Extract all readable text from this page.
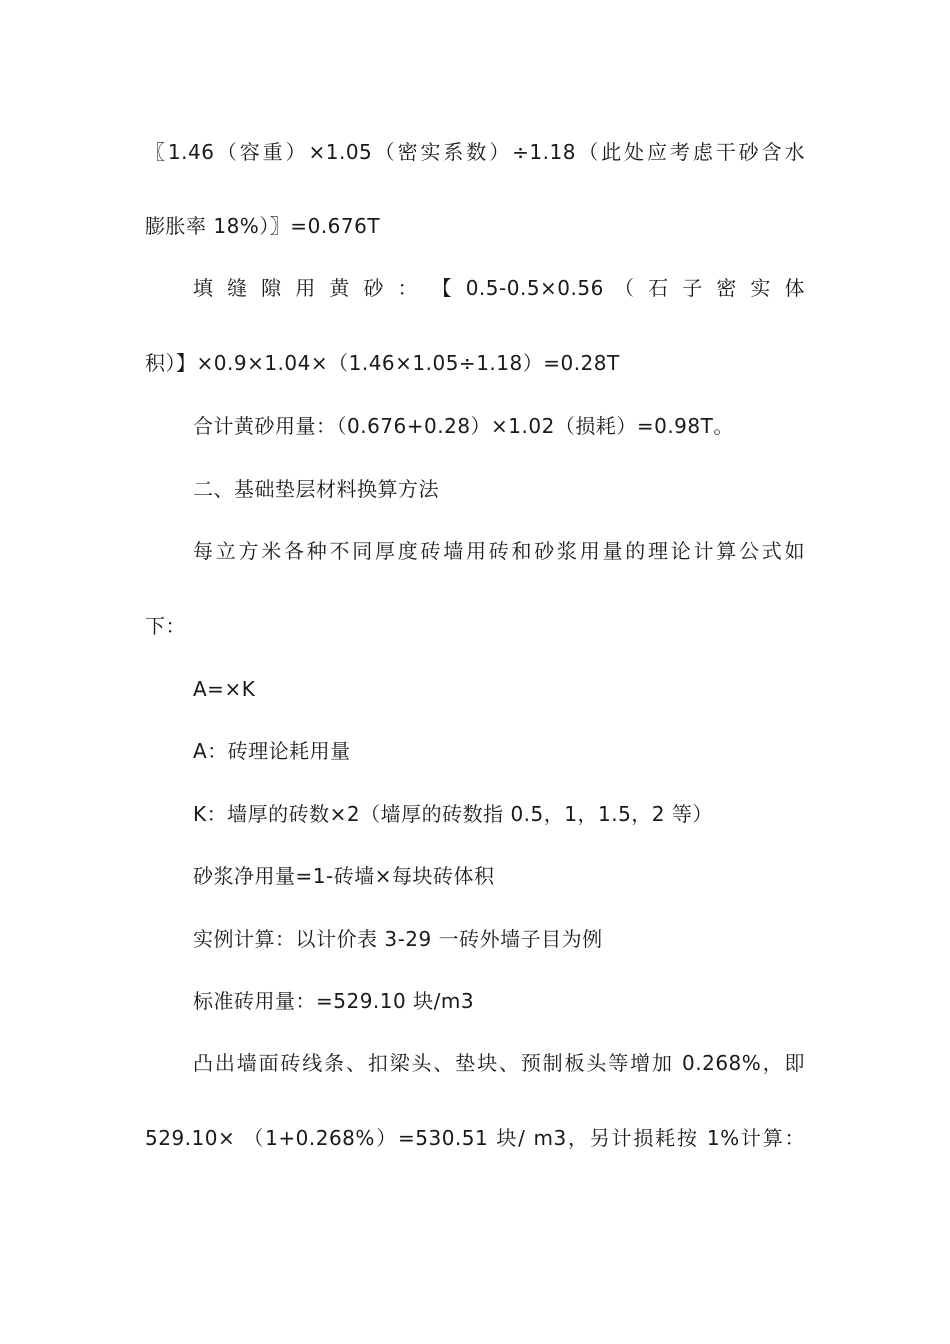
〖1.46（容重）×1.05（密实系数）÷1.18（此处应考虑干砂含水
膨胀率 18%）〗=0.676T
填 缝 隙 用 黄 砂 ： 【 0.5-0.5×0.56 （ 石 子 密 实 体
积）】×0.9×1.04×（1.46×1.05÷1.18）=0.28T
合计黄砂用量：（0.676+0.28）×1.02（损耗）=0.98T。
二、基础垫层材料换算方法
每立方米各种不同厚度砖墙用砖和砂浆用量的理论计算公式如
下：
A=×K
A：砖理论耗用量
K：墙厚的砖数×2（墙厚的砖数指 0.5，1，1.5，2 等）
砂浆净用量=1-砖墙×每块砖体积
实例计算：以计价表 3-29 一砖外墙子目为例
标准砖用量：=529.10 块/m3
凸出墙面砖线条、扣梁头、垫块、预制板头等增加 0.268%，即
529.10× （1+0.268%）=530.51 块/ m3，另计损耗按 1%计算：
